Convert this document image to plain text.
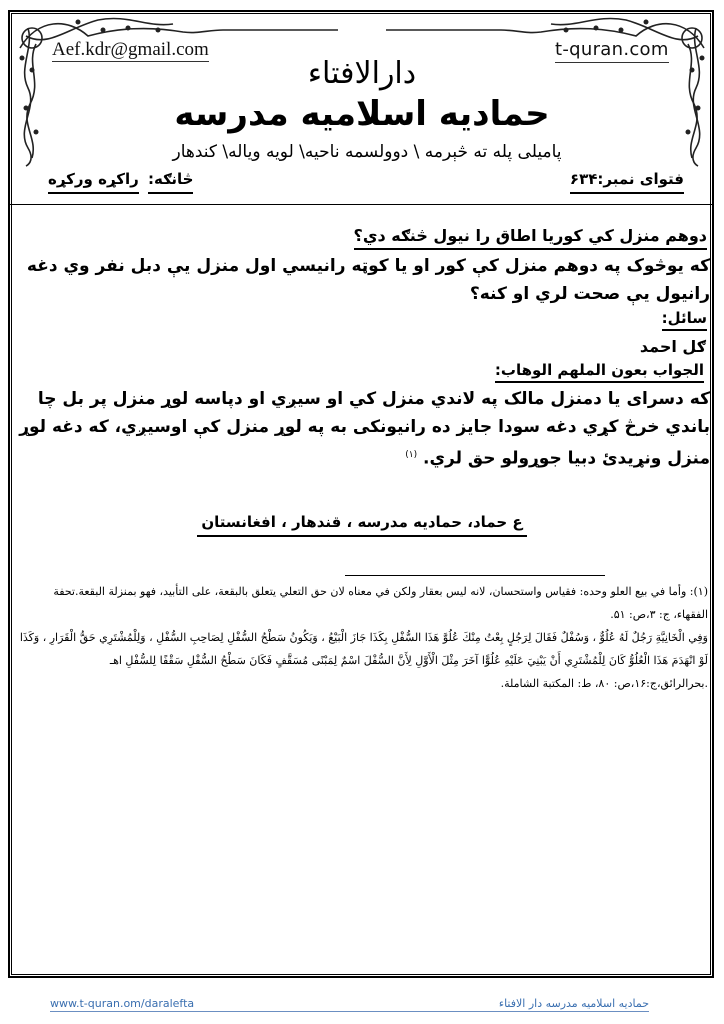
Aef.kdr@gmail.com	t-quran.com
دارالافتاء
حمادیه اسلامیه مدرسه
پامیلی پله ته څېرمه \ دوولسمه ناحیه\ لویه ویاله\ کندهار
فتوای نمبر:۶۳۴
څانګه: راکړه ورکړه
دوهم منزل کي کوریا اطاق را نیول څنګه دي؟
که یوڅوک په دوهم منزل کې کور او یا کوټه رانیسي اول منزل یې دبل نفر وي دغه رانیول یې صحت لري او کنه؟
سائل:
ګل احمد
الجواب بعون الملهم الوهاب:
که دسرای یا دمنزل مالک په لاندي منزل کي او سیږي او دپاسه لوړ منزل پر بل چا باندي خرڅ کړي دغه سودا جایز ده رانیونکی به په لوړ منزل کې اوسیږي، که دغه لوړ منزل ونړیدئ دبیا جوړولو حق لري. $^{(۱)}$
ع حماد، حمادیه مدرسه ، قندهار ، افغانستان

(۱): وأما في بيع العلو وحده: فقياس واستحسان، لانه ليس بعقار ولكن في معناه لان حق التعلي يتعلق بالبقعة، على التأبيد، فهو بمنزلة البقعة.تحفة الفقهاء، ج: ۳،ص: ۵۱.

وَفِي الْخَانِيَّةِ رَجُلٌ لَهُ عُلُوٌّ ، وَسُفْلٌ فَقَالَ لِرَجُلٍ بِعْتُ مِنْكَ عُلُوَّ هَذَا السُّفْلِ بِكَذَا جَازَ الْبَيْعُ ، وَيَكُونُ سَطْحُ السُّفْلِ لِصَاحِبِ السُّفْلِ ، وَلِلْمُشْتَرِي حَقُّ الْقَرَارِ ، وَكَذَا لَوْ انْهَدَمَ هَذَا الْعُلُوُّ كَانَ لِلْمُشْتَرِي أَنْ يَبْنِيَ عَلَيْهِ عُلُوًّا آخَرَ مِثْلَ الْأَوَّلِ لِأَنَّ السُّفْلَ اسْمٌ لِمَبْنًى مُسَقَّفٍ فَكَانَ سَطْحُ السُّفْلِ سَقْفًا لِلسُّفْلِ اهـ .بحرالرائق،ج:۱۶،ص: ۸۰، ط: المكتبة الشاملة.

www.t-quran.om/daralefta	حمادیه اسلامیه مدرسه دار الافتاء
